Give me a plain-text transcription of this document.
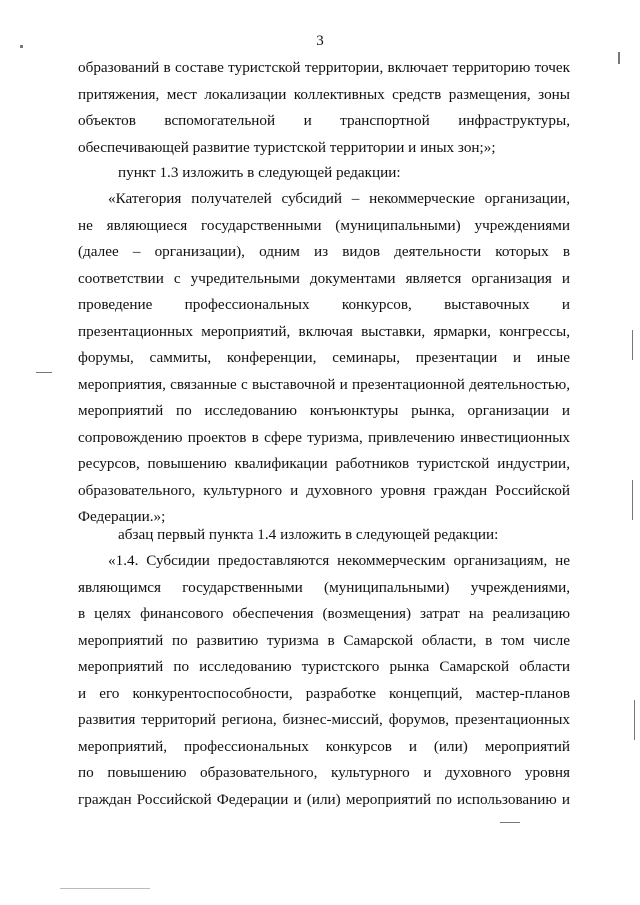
3
образований в составе туристской территории, включает территорию точек
притяжения, мест локализации коллективных средств размещения, зоны
объектов вспомогательной и транспортной инфраструктуры,
обеспечивающей развитие туристской территории и иных зон;»;
пункт 1.3 изложить в следующей редакции:
«Категория получателей субсидий – некоммерческие организации,
не являющиеся государственными (муниципальными) учреждениями
(далее – организации), одним из видов деятельности которых в
соответствии с учредительными документами является организация и
проведение профессиональных конкурсов, выставочных и
презентационных мероприятий, включая выставки, ярмарки, конгрессы,
форумы, саммиты, конференции, семинары, презентации и иные
мероприятия, связанные с выставочной и презентационной деятельностью,
мероприятий по исследованию конъюнктуры рынка, организации и
сопровождению проектов в сфере туризма, привлечению инвестиционных
ресурсов, повышению квалификации работников туристской индустрии,
образовательного, культурного и духовного уровня граждан Российской
Федерации.»;
абзац первый пункта 1.4 изложить в следующей редакции:
«1.4. Субсидии предоставляются некоммерческим организациям, не
являющимся государственными (муниципальными) учреждениями,
в целях финансового обеспечения (возмещения) затрат на реализацию
мероприятий по развитию туризма в Самарской области, в том числе
мероприятий по исследованию туристского рынка Самарской области
и его конкурентоспособности, разработке концепций, мастер-планов
развития территорий региона, бизнес-миссий, форумов, презентационных
мероприятий, профессиональных конкурсов и (или) мероприятий
по повышению образовательного, культурного и духовного уровня
граждан Российской Федерации и (или) мероприятий по использованию и
